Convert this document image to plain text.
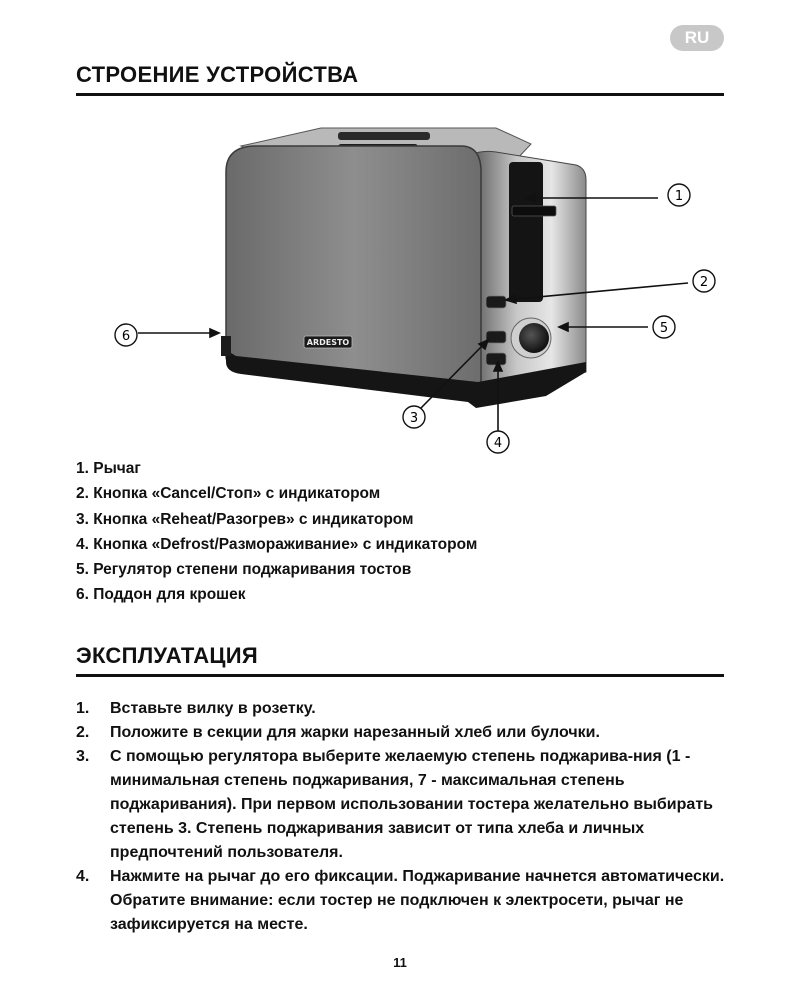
RU
СТРОЕНИЕ УСТРОЙСТВА
ARDESTO
1
2
3
4
5
6
1. Рычаг
2. Кнопка «Cancel/Стоп» с индикатором
3. Кнопка «Reheat/Разогрев» с индикатором
4. Кнопка «Defrost/Размораживание» с индикатором
5. Регулятор степени поджаривания тостов
6. Поддон для крошек
ЭКСПЛУАТАЦИЯ
1.	Вставьте вилку в розетку.
2.	Положите в секции для жарки нарезанный хлеб или булочки.
3.	С помощью регулятора выберите желаемую степень поджарива-ния (1 - минимальная степень поджаривания, 7 - максимальная степень поджаривания). При первом использовании тостера желательно выбирать степень 3. Степень поджаривания зависит от типа хлеба и личных предпочтений пользователя.
4.	Нажмите на рычаг до его фиксации. Поджаривание начнется автоматически. Обратите внимание: если тостер не подключен к электросети, рычаг не зафиксируется на месте.
11
